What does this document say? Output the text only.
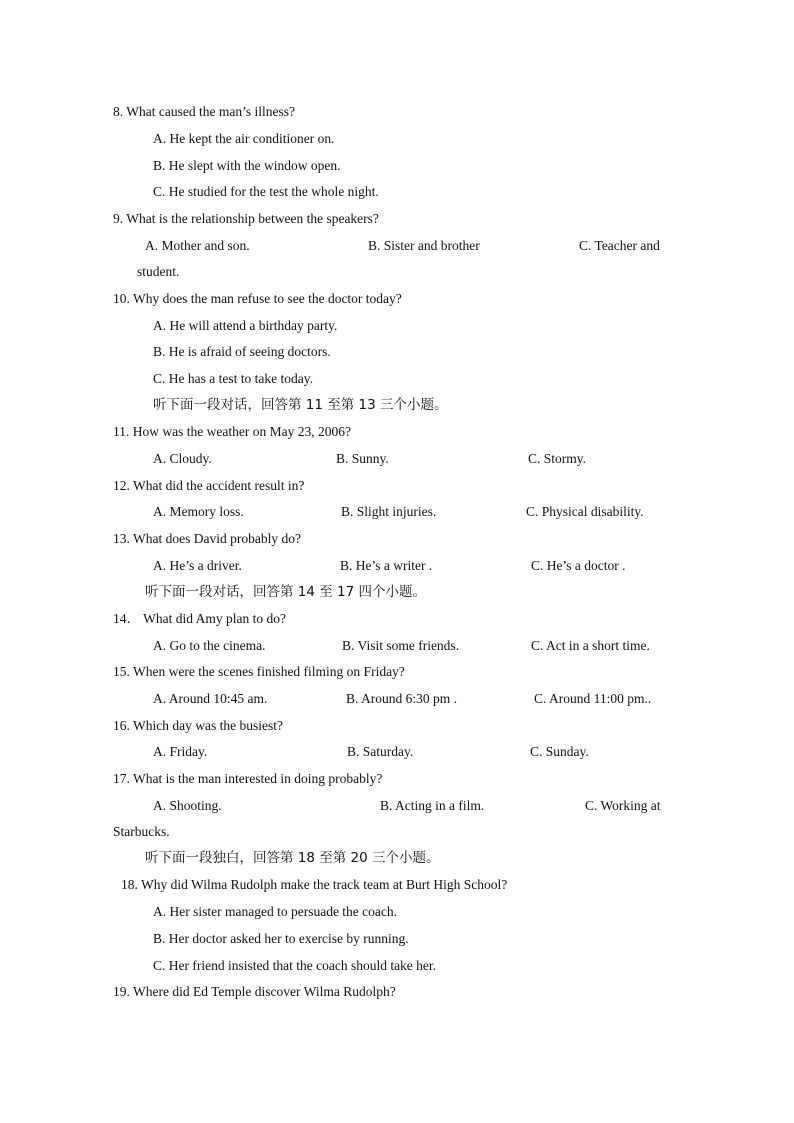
8. What caused the man’s illness?
A. He kept the air conditioner on.
B. He slept with the window open.
C. He studied for the test the whole night.
9. What is the relationship between the speakers?
A. Mother and son.	B. Sister and brother	C. Teacher and
student.
10. Why does the man refuse to see the doctor today?
A. He will attend a birthday party.
B. He is afraid of seeing doctors.
C. He has a test to take today.
听下面一段对话，回答第 11 至第 13 三个小题。
11. How was the weather on May 23, 2006?
A. Cloudy.	B. Sunny.	C. Stormy.
12. What did the accident result in?
A. Memory loss.	B. Slight injuries.	C. Physical disability.
13. What does David probably do?
A. He’s a driver.	B. He’s a writer .	C. He’s a doctor .
听下面一段对话，回答第 14 至 17 四个小题。
14． What did Amy plan to do?
A. Go to the cinema.	B. Visit some friends.	C. Act in a short time.
15. When were the scenes finished filming on Friday?
A. Around 10:45 am.	B. Around 6:30 pm .	C. Around 11:00 pm..
16. Which day was the busiest?
A. Friday.	B. Saturday.	C. Sunday.
17. What is the man interested in doing probably?
A. Shooting.	B. Acting in a film.	C. Working at
Starbucks.
听下面一段独白，回答第 18 至第 20 三个小题。
18. Why did Wilma Rudolph make the track team at Burt High School?
A. Her sister managed to persuade the coach.
B. Her doctor asked her to exercise by running.
C. Her friend insisted that the coach should take her.
19. Where did Ed Temple discover Wilma Rudolph?
